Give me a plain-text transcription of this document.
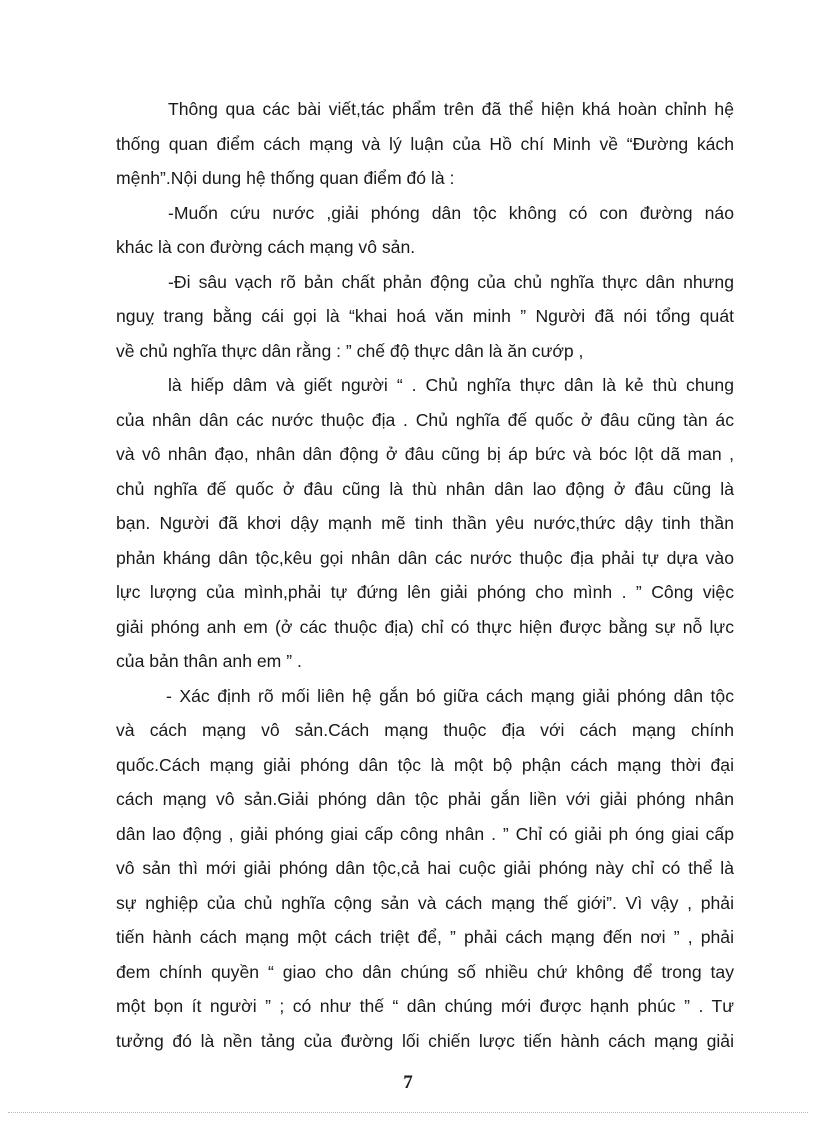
Thông qua các bài viết,tác phẩm trên đã thể hiện khá hoàn chỉnh hệ
thống quan điểm cách mạng và lý luận của Hồ chí Minh về “Đường kách
mệnh”.Nội dung hệ thống quan điểm đó là :
-Muốn cứu nước ,giải phóng dân tộc không có con đường náo
khác là con đường cách mạng vô sản.
-Đi sâu vạch rõ bản chất phản động của chủ nghĩa thực dân nhưng
nguỵ trang bằng cái gọi là “khai hoá văn minh ” Người đã nói tổng quát
về chủ nghĩa thực dân rằng : ” chế độ thực dân là ăn cướp ,
là hiếp dâm và giết người “ . Chủ nghĩa thực dân là kẻ thù chung
của nhân dân các nước thuộc địa . Chủ nghĩa đế quốc ở đâu cũng tàn ác
và vô nhân đạo, nhân dân động ở đâu cũng bị áp bức và bóc lột dã man ,
chủ nghĩa đế quốc ở đâu cũng là thù nhân dân lao động ở đâu cũng là
bạn. Người đã khơi dậy mạnh mẽ tinh thần yêu nước,thức dậy tinh thần
phản kháng dân tộc,kêu gọi nhân dân các nước thuộc địa phải tự dựa vào
lực lượng của mình,phải tự đứng lên giải phóng cho mình . ” Công việc
giải phóng anh em (ở các thuộc địa) chỉ có thực hiện được bằng sự nỗ lực
của bản thân anh em ” .
- Xác định rõ mối liên hệ gắn bó giữa cách mạng giải phóng dân tộc
và cách mạng vô sản.Cách mạng thuộc địa với cách mạng chính
quốc.Cách mạng giải phóng dân tộc là một bộ phận cách mạng thời đại
cách mạng vô sản.Giải phóng dân tộc phải gắn liền với giải phóng nhân
dân lao động , giải phóng giai cấp công nhân . ” Chỉ có giải ph óng giai cấp
vô sản thì mới giải phóng dân tộc,cả hai cuộc giải phóng này chỉ có thể là
sự nghiệp của chủ nghĩa cộng sản và cách mạng thế giới”. Vì vậy , phải
tiến hành cách mạng một cách triệt để, ” phải cách mạng đến nơi ” , phải
đem chính quyền “ giao cho dân chúng số nhiều chứ không để trong tay
một bọn ít người ” ; có như thế “ dân chúng mới được hạnh phúc ” . Tư
tưởng đó là nền tảng của đường lối chiến lược tiến hành cách mạng giải
7
